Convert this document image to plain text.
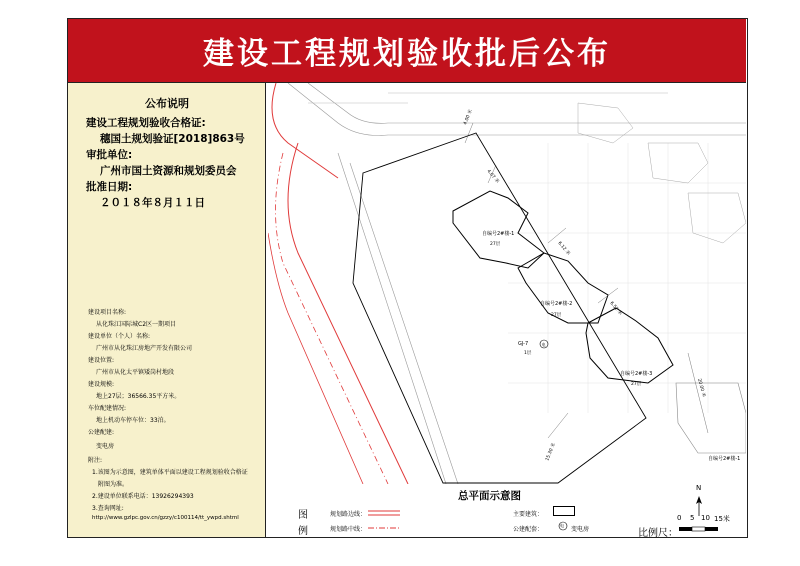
建设工程规划验收批后公布
公布说明
建设工程规划验收合格证:
穗国土规划验证[2018]863号
审批单位:
广州市国土资源和规划委员会
批准日期:
２０１８年８月１１日
建设项目名称:
从化珠江国际城C2区一期项目
建设单位（个人）名称:
广州市从化珠江房地产开发有限公司
建设位置:
广州市从化太平镇矮岗村地段
建设规模:
地上27层；36566.35平方米。
车位配建情况:
地上机动车停车位：33泊。
公建配建:
变电房
附注:
1.该图为示意图，建筑单体平面以建设工程规划验收合格证
附图为准。
2.建设单位联系电话：13926294393
3.查询网址:
http://www.gzlpc.gov.cn/gzzy/c100114/tt_ywpd.shtml
自编号2#楼-1
27层
自编号2#楼-2
27层
自编号2#楼-3
27层
自编号2#楼-1
GJ-7
1层
电
4.00 米
4.07 米
6.12 米
6.52 米
20.00 米
15.30 米
总平面示意图
图
例
规划路边线：
规划路中线：
主要建筑：
公建配套：
电
变电房
N
比例尺：
0 5 10 15米
